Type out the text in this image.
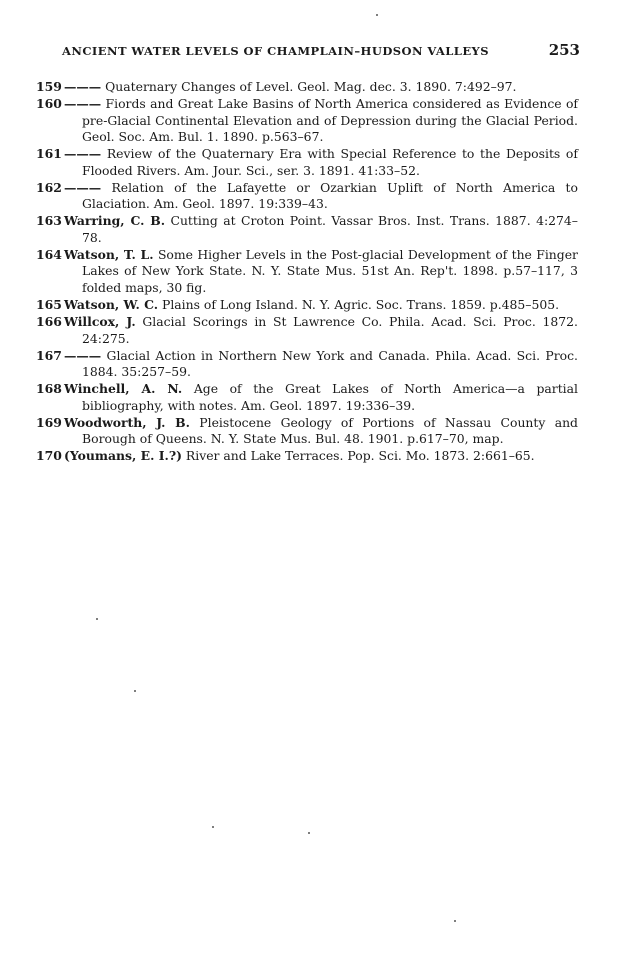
ANCIENT WATER LEVELS OF CHAMPLAIN–HUDSON VALLEYS	253
159 ——— Quaternary Changes of Level. Geol. Mag. dec. 3. 1890. 7:492–97.
160 ——— Fiords and Great Lake Basins of North America considered as Evidence of pre-Glacial Continental Elevation and of Depression during the Glacial Period. Geol. Soc. Am. Bul. 1. 1890. p.563–67.
161 ——— Review of the Quaternary Era with Special Reference to the Deposits of Flooded Rivers. Am. Jour. Sci., ser. 3. 1891. 41:33–52.
162 ——— Relation of the Lafayette or Ozarkian Uplift of North America to Glaciation. Am. Geol. 1897. 19:339–43.
163 Warring, C. B. Cutting at Croton Point. Vassar Bros. Inst. Trans. 1887. 4:274–78.
164 Watson, T. L. Some Higher Levels in the Post-glacial Development of the Finger Lakes of New York State. N. Y. State Mus. 51st An. Rep't. 1898. p.57–117, 3 folded maps, 30 fig.
165 Watson, W. C. Plains of Long Island. N. Y. Agric. Soc. Trans. 1859. p.485–505.
166 Willcox, J. Glacial Scorings in St Lawrence Co. Phila. Acad. Sci. Proc. 1872. 24:275.
167 ——— Glacial Action in Northern New York and Canada. Phila. Acad. Sci. Proc. 1884. 35:257–59.
168 Winchell, A. N. Age of the Great Lakes of North America—a partial bibliography, with notes. Am. Geol. 1897. 19:336–39.
169 Woodworth, J. B. Pleistocene Geology of Portions of Nassau County and Borough of Queens. N. Y. State Mus. Bul. 48. 1901. p.617–70, map.
170 (Youmans, E. I.?) River and Lake Terraces. Pop. Sci. Mo. 1873. 2:661–65.
